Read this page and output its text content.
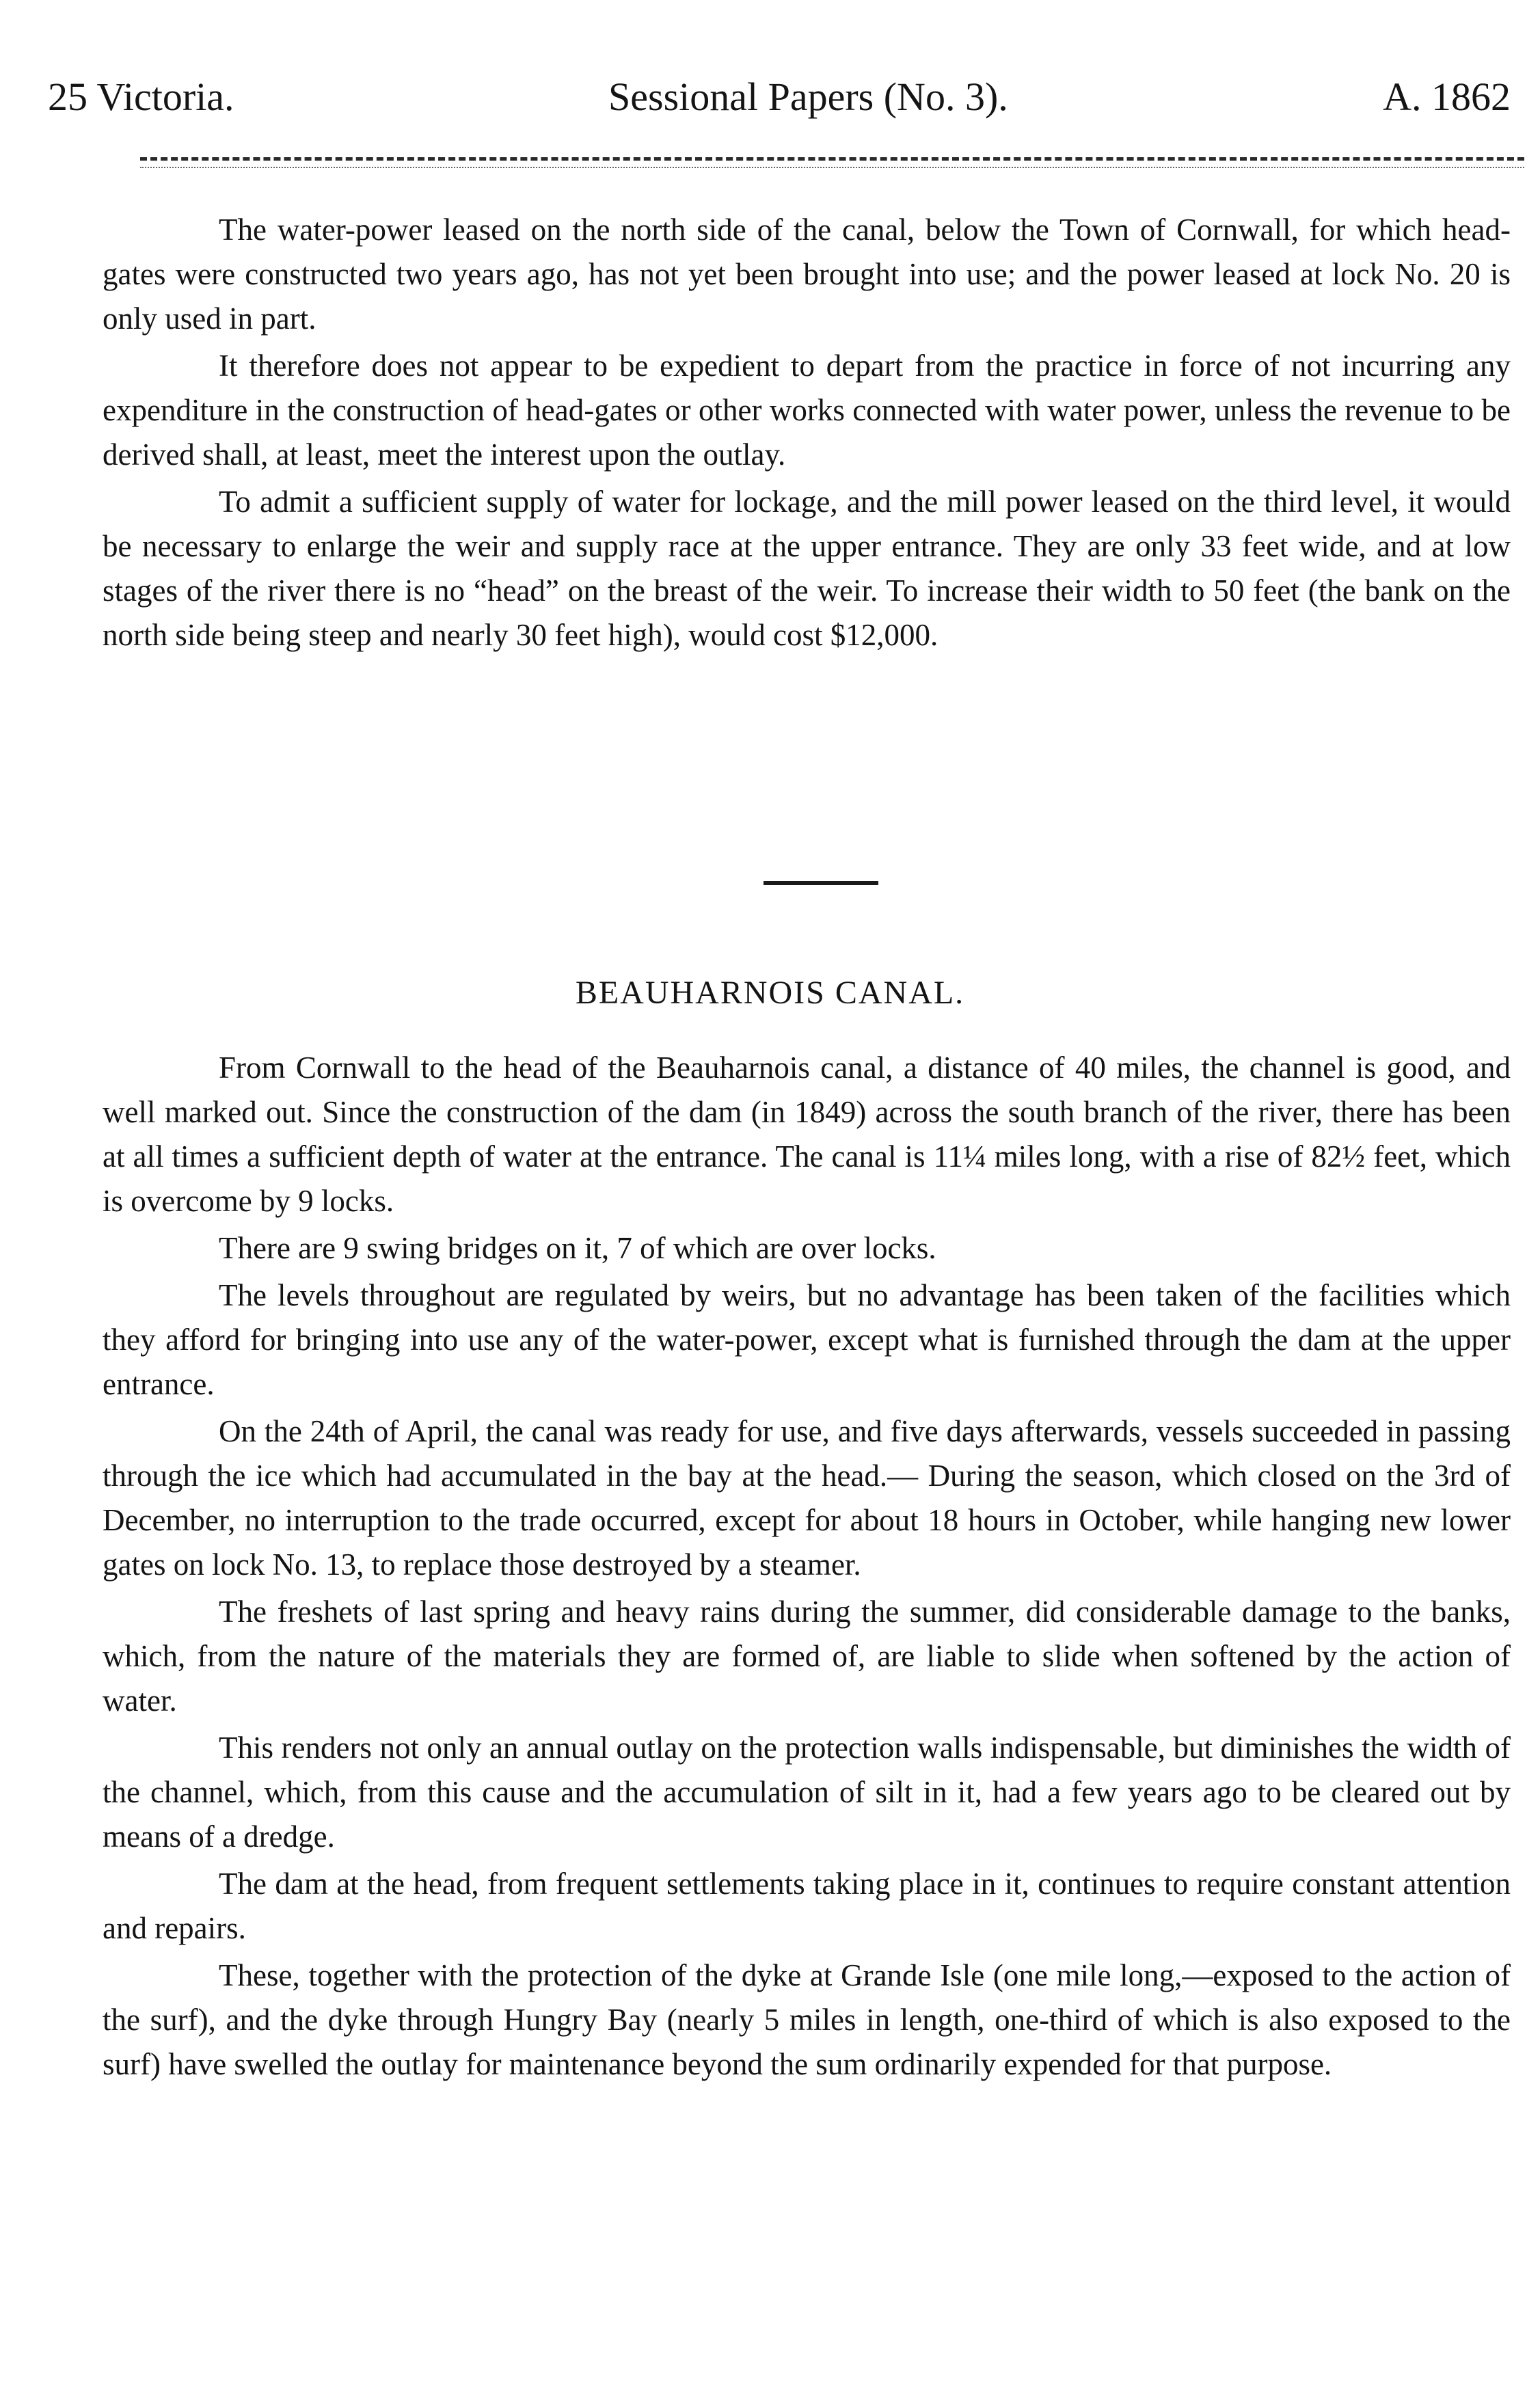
25 Victoria.	Sessional Papers (No. 3).	A. 1862

The water-power leased on the north side of the canal, below the Town of Cornwall, for which head-gates were constructed two years ago, has not yet been brought into use; and the power leased at lock No. 20 is only used in part.

It therefore does not appear to be expedient to depart from the practice in force of not incurring any expenditure in the construction of head-gates or other works connected with water power, unless the revenue to be derived shall, at least, meet the interest upon the outlay.

To admit a sufficient supply of water for lockage, and the mill power leased on the third level, it would be necessary to enlarge the weir and supply race at the upper entrance. They are only 33 feet wide, and at low stages of the river there is no “head” on the breast of the weir. To increase their width to 50 feet (the bank on the north side being steep and nearly 30 feet high), would cost $12,000.

BEAUHARNOIS CANAL.

From Cornwall to the head of the Beauharnois canal, a distance of 40 miles, the channel is good, and well marked out. Since the construction of the dam (in 1849) across the south branch of the river, there has been at all times a sufficient depth of water at the entrance. The canal is 11¼ miles long, with a rise of 82½ feet, which is overcome by 9 locks.

There are 9 swing bridges on it, 7 of which are over locks.

The levels throughout are regulated by weirs, but no advantage has been taken of the facilities which they afford for bringing into use any of the water-power, except what is furnished through the dam at the upper entrance.

On the 24th of April, the canal was ready for use, and five days afterwards, vessels succeeded in passing through the ice which had accumulated in the bay at the head.— During the season, which closed on the 3rd of December, no interruption to the trade occurred, except for about 18 hours in October, while hanging new lower gates on lock No. 13, to replace those destroyed by a steamer.

The freshets of last spring and heavy rains during the summer, did considerable damage to the banks, which, from the nature of the materials they are formed of, are liable to slide when softened by the action of water.

This renders not only an annual outlay on the protection walls indispensable, but diminishes the width of the channel, which, from this cause and the accumulation of silt in it, had a few years ago to be cleared out by means of a dredge.

The dam at the head, from frequent settlements taking place in it, continues to require constant attention and repairs.

These, together with the protection of the dyke at Grande Isle (one mile long,—exposed to the action of the surf), and the dyke through Hungry Bay (nearly 5 miles in length, one-third of which is also exposed to the surf) have swelled the outlay for maintenance beyond the sum ordinarily expended for that purpose.
